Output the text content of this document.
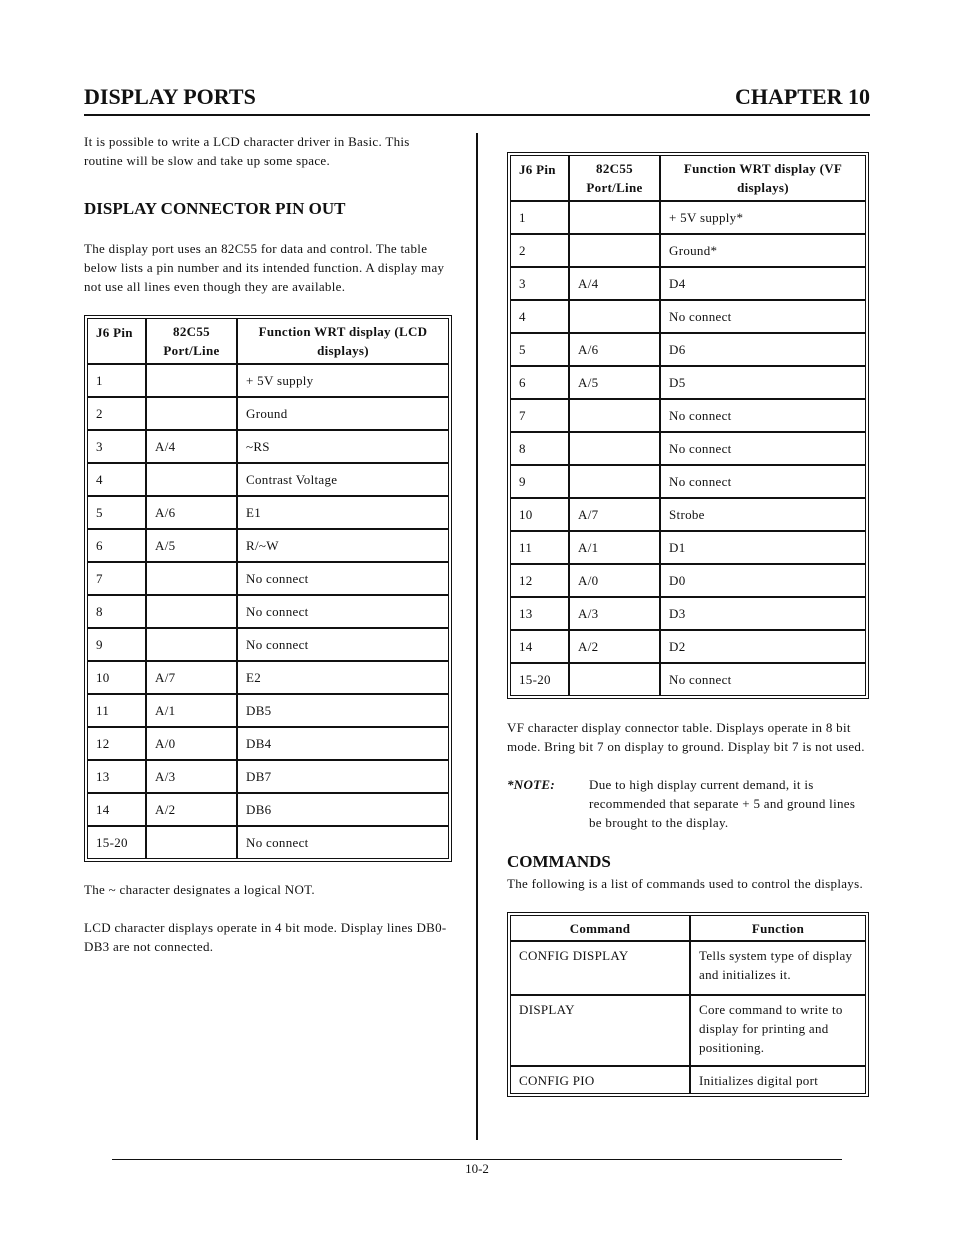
DISPLAY PORTS	CHAPTER 10

It is possible to write a LCD character driver in Basic. This routine will be slow and take up some space.

DISPLAY CONNECTOR PIN OUT

The display port uses an 82C55 for data and control. The table below lists a pin number and its intended function. A display may not use all lines even though they are available.

J6 Pin	82C55 Port/Line	Function WRT display (LCD displays)
1		+ 5V supply
2		Ground
3	A/4	~RS
4		Contrast Voltage
5	A/6	E1
6	A/5	R/~W
7		No connect
8		No connect
9		No connect
10	A/7	E2
11	A/1	DB5
12	A/0	DB4
13	A/3	DB7
14	A/2	DB6
15-20		No connect

The ~ character designates a logical NOT.

LCD character displays operate in 4 bit mode. Display lines DB0-DB3 are not connected.

J6 Pin	82C55 Port/Line	Function WRT display (VF displays)
1		+ 5V supply*
2		Ground*
3	A/4	D4
4		No connect
5	A/6	D6
6	A/5	D5
7		No connect
8		No connect
9		No connect
10	A/7	Strobe
11	A/1	D1
12	A/0	D0
13	A/3	D3
14	A/2	D2
15-20		No connect

VF character display connector table. Displays operate in 8 bit mode. Bring bit 7 on display to ground. Display bit 7 is not used.

*NOTE:	Due to high display current demand, it is recommended that separate + 5 and ground lines be brought to the display.
COMMANDS

The following is a list of commands used to control the displays.

Command	Function
CONFIG DISPLAY	Tells system type of display and initializes it.
DISPLAY	Core command to write to display for printing and positioning.
CONFIG PIO	Initializes digital port
10-2
